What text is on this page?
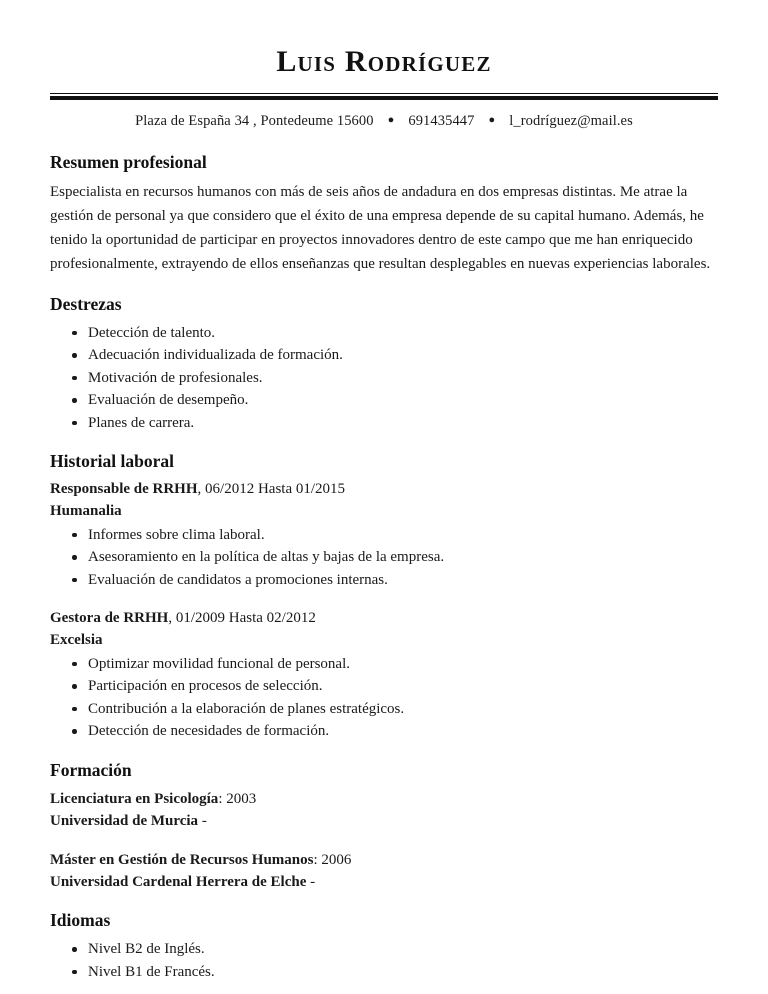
Luis Rodríguez
Plaza de España 34 , Pontedeume 15600 ● 691435447 ● l_rodríguez@mail.es
Resumen profesional

Especialista en recursos humanos con más de seis años de andadura en dos empresas distintas. Me atrae la gestión de personal ya que considero que el éxito de una empresa depende de su capital humano. Además, he tenido la oportunidad de participar en proyectos innovadores dentro de este campo que me han enriquecido profesionalmente, extrayendo de ellos enseñanzas que resultan desplegables en nuevas experiencias laborales.

Destrezas
Detección de talento.
Adecuación individualizada de formación.
Motivación de profesionales.
Evaluación de desempeño.
Planes de carrera.
Historial laboral
Responsable de RRHH, 06/2012 Hasta 01/2015
Humanalia
Informes sobre clima laboral.
Asesoramiento en la política de altas y bajas de la empresa.
Evaluación de candidatos a promociones internas.
Gestora de RRHH, 01/2009 Hasta 02/2012
Excelsia
Optimizar movilidad funcional de personal.
Participación en procesos de selección.
Contribución a la elaboración de planes estratégicos.
Detección de necesidades de formación.
Formación
Licenciatura en Psicología: 2003
Universidad de Murcia -
Máster en Gestión de Recursos Humanos: 2006
Universidad Cardenal Herrera de Elche -
Idiomas
Nivel B2 de Inglés.
Nivel B1 de Francés.
